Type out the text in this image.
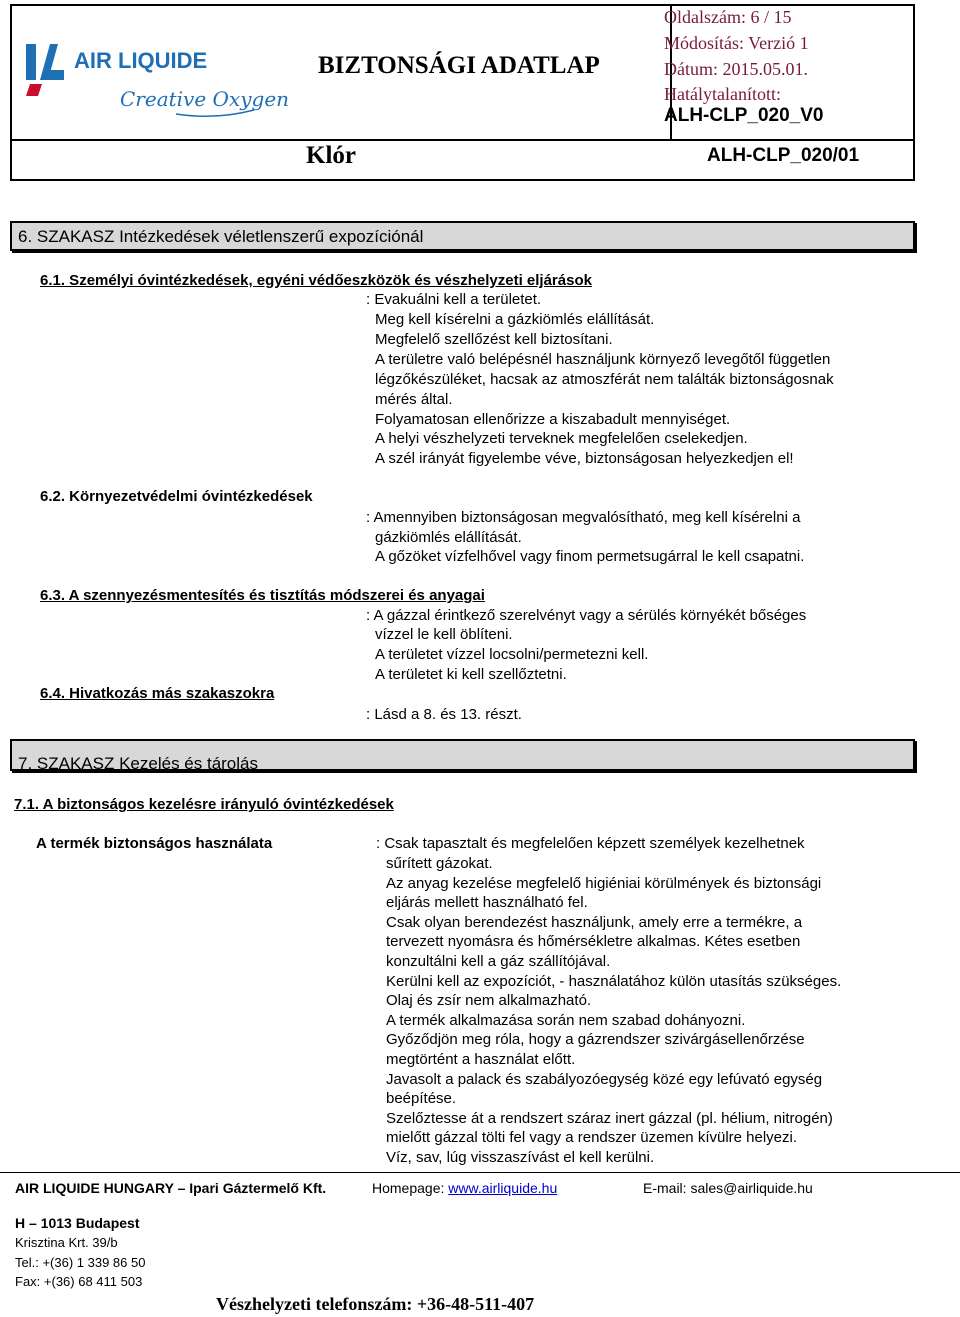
AIR LIQUIDE
Creative Oxygen
BIZTONSÁGI ADATLAP
Oldalszám: 6 / 15
Módosítás: Verzió 1
Dátum: 2015.05.01.
Hatálytalanított:
ALH-CLP_020_V0
Klór	ALH-CLP_020/01
6. SZAKASZ Intézkedések véletlenszerű expozíciónál
6.1. Személyi óvintézkedések, egyéni védőeszközök és vészhelyzeti eljárások
: Evakuálni kell a területet.
Meg kell kísérelni a gázkiömlés elállítását.
Megfelelő szellőzést kell biztosítani.
A területre való belépésnél használjunk környező levegőtől független
légzőkészüléket, hacsak az atmoszférát nem találták biztonságosnak
mérés által.
Folyamatosan ellenőrizze a kiszabadult mennyiséget.
A helyi vészhelyzeti terveknek megfelelően cselekedjen.
A szél irányát figyelembe véve, biztonságosan helyezkedjen el!
6.2. Környezetvédelmi óvintézkedések
: Amennyiben biztonságosan megvalósítható, meg kell kísérelni a
gázkiömlés elállítását.
A gőzöket vízfelhővel vagy finom permetsugárral le kell csapatni.
6.3. A szennyezésmentesítés és tisztítás módszerei és anyagai
: A gázzal érintkező szerelvényt vagy a sérülés környékét bőséges
vízzel le kell öblíteni.
A területet vízzel locsolni/permetezni kell.
A területet ki kell szellőztetni.
6.4. Hivatkozás más szakaszokra
: Lásd a 8. és 13. részt.
7. SZAKASZ Kezelés és tárolás
7.1. A biztonságos kezelésre irányuló óvintézkedések
A termék biztonságos használata	: Csak tapasztalt és megfelelően képzett személyek kezelhetnek
sűrített gázokat.
Az anyag kezelése megfelelő higiéniai körülmények és biztonsági
eljárás mellett használható fel.
Csak olyan berendezést használjunk, amely erre a termékre, a
tervezett nyomásra és hőmérsékletre alkalmas. Kétes esetben
konzultálni kell a gáz szállítójával.
Kerülni kell az expozíciót, - használatához külön utasítás szükséges.
Olaj és zsír nem alkalmazható.
A termék alkalmazása során nem szabad dohányozni.
Győződjön meg róla, hogy a gázrendszer szivárgásellenőrzése
megtörtént a használat előtt.
Javasolt a palack és szabályozóegység közé egy lefúvató egység
beépítése.
Szelőztesse át a rendszert száraz inert gázzal (pl. hélium, nitrogén)
mielőtt gázzal tölti fel vagy a rendszer üzemen kívülre helyezi.
Víz, sav, lúg visszaszívást el kell kerülni.
AIR LIQUIDE HUNGARY – Ipari Gáztermelő Kft.	Homepage: www.airliquide.hu	E-mail: sales@airliquide.hu
H – 1013 Budapest
Krisztina Krt. 39/b
Tel.: +(36) 1 339 86 50
Fax: +(36) 68 411 503
Vészhelyzeti telefonszám: +36-48-511-407
